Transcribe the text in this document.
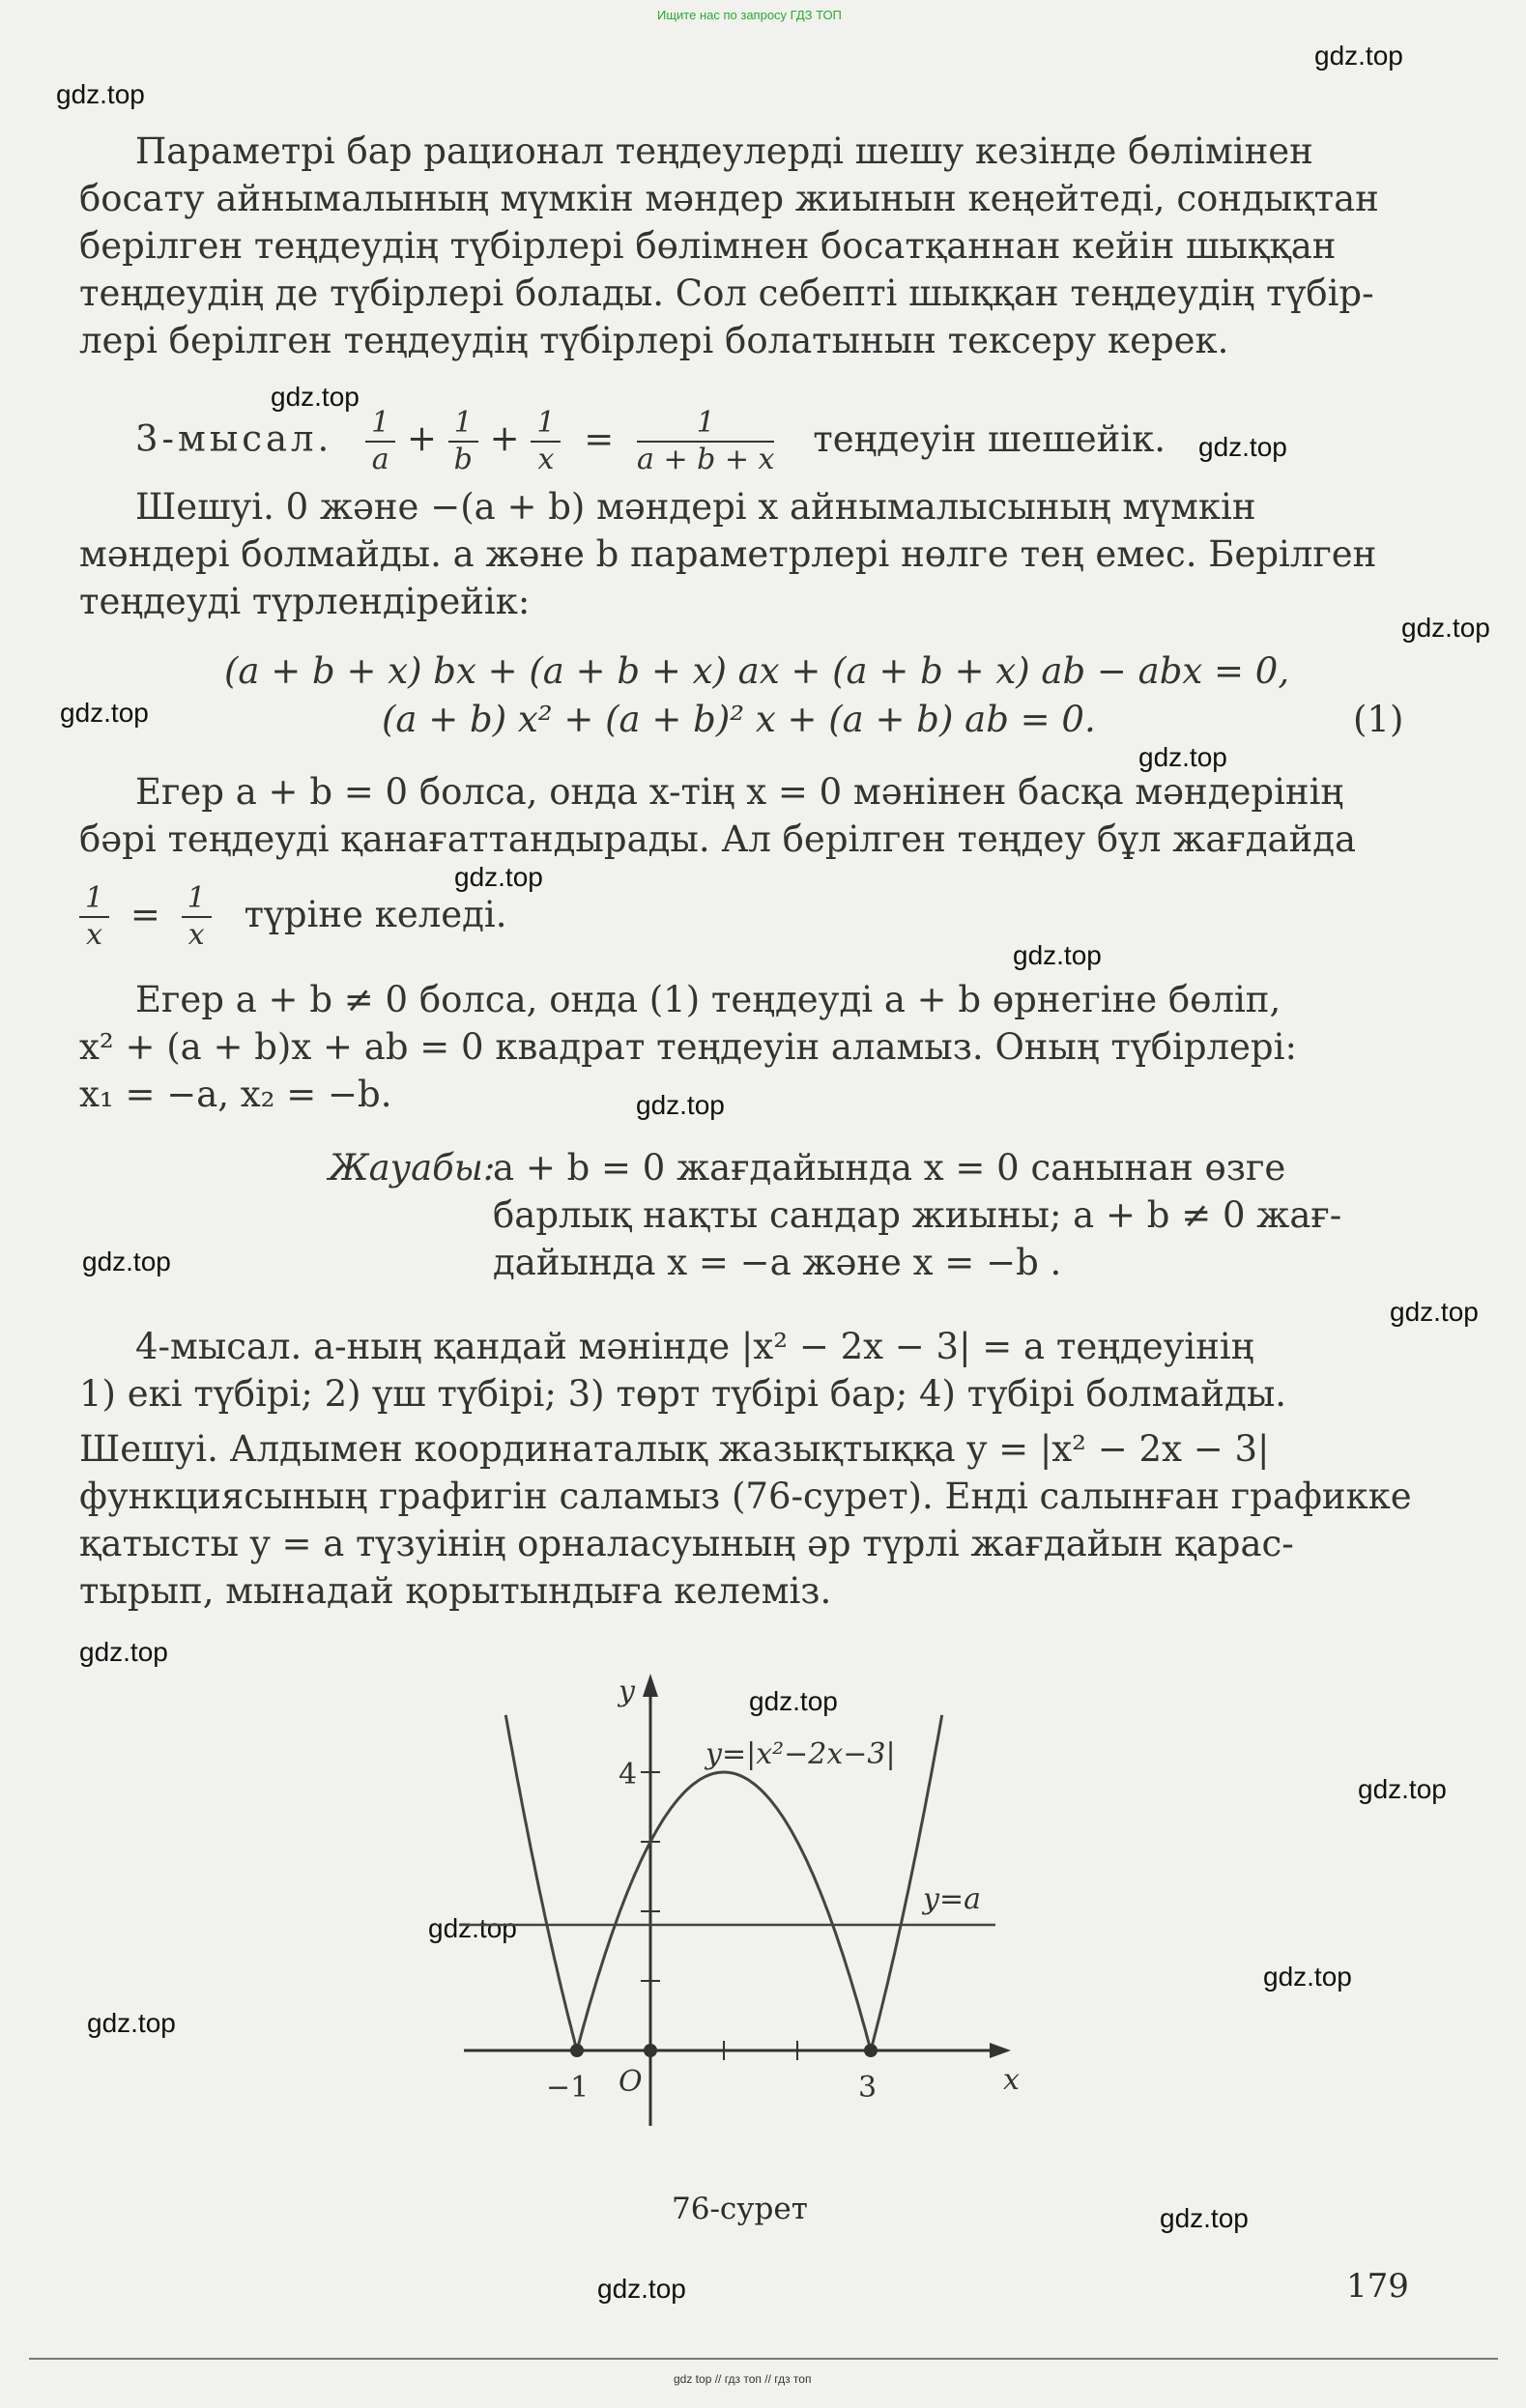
Ищите нас по запросу ГДЗ ТОП
gdz.top
gdz.top
gdz.top
gdz.top
gdz.top
gdz.top
gdz.top
gdz.top
gdz.top
gdz.top
gdz.top
gdz.top
gdz.top
gdz.top
gdz.top
gdz.top
gdz.top
gdz.top
gdz.top
gdz.top
Параметрі бар рационал теңдеулерді шешу кезінде бөлімінен
босату айнымалының мүмкін мәндер жиынын кеңейтеді, сондықтан
берілген теңдеудің түбірлері бөлімнен босатқаннан кейін шыққан
теңдеудің де түбірлері болады. Сол себепті шыққан теңдеудің түбір-
лері берілген теңдеудің түбірлері болатынын тексеру керек.
3-мысал. $\frac{1}{a} + \frac{1}{b} + \frac{1}{x} = \frac{1}{a + b + x}$ теңдеуін шешейік.
Шешуі. 0 және −(a + b) мәндері x айнымалысының мүмкін
мәндері болмайды. a және b параметрлері нөлге тең емес. Берілген
теңдеуді түрлендірейік:
(a + b + x) bx + (a + b + x) ax + (a + b + x) ab − abx = 0,
(a + b) x² + (a + b)² x + (a + b) ab = 0.	(1)
Егер a + b = 0 болса, онда x-тің x = 0 мәнінен басқа мәндерінің
бәрі теңдеуді қанағаттандырады. Ал берілген теңдеу бұл жағдайда
$\frac{1}{x} = \frac{1}{x}$ түріне келеді.
Егер a + b ≠ 0 болса, онда (1) теңдеуді a + b өрнегіне бөліп,
x² + (a + b)x + ab = 0 квадрат теңдеуін аламыз. Оның түбірлері:
x₁ = −a, x₂ = −b.
Жауабы:
a + b = 0 жағдайында x = 0 санынан өзге
барлық нақты сандар жиыны; a + b ≠ 0 жағ-
дайында x = −a және x = −b .
4-мысал. a-ның қандай мәнінде |x² − 2x − 3| = a теңдеуінің
1) екі түбірі; 2) үш түбірі; 3) төрт түбірі бар; 4) түбірі болмайды.
Шешуі. Алдымен координаталық жазықтыққа y = |x² − 2x − 3|
функциясының графигін саламыз (76-сурет). Енді салынған графикке
қатысты y = a түзуінің орналасуының әр түрлі жағдайын қарас-
тырып, мынадай қорытындыға келеміз.
y
x
4
−1 O	3
y=|x²−2x−3|
y=a
76-сурет
179
gdz top // гдз топ // гдз топ
